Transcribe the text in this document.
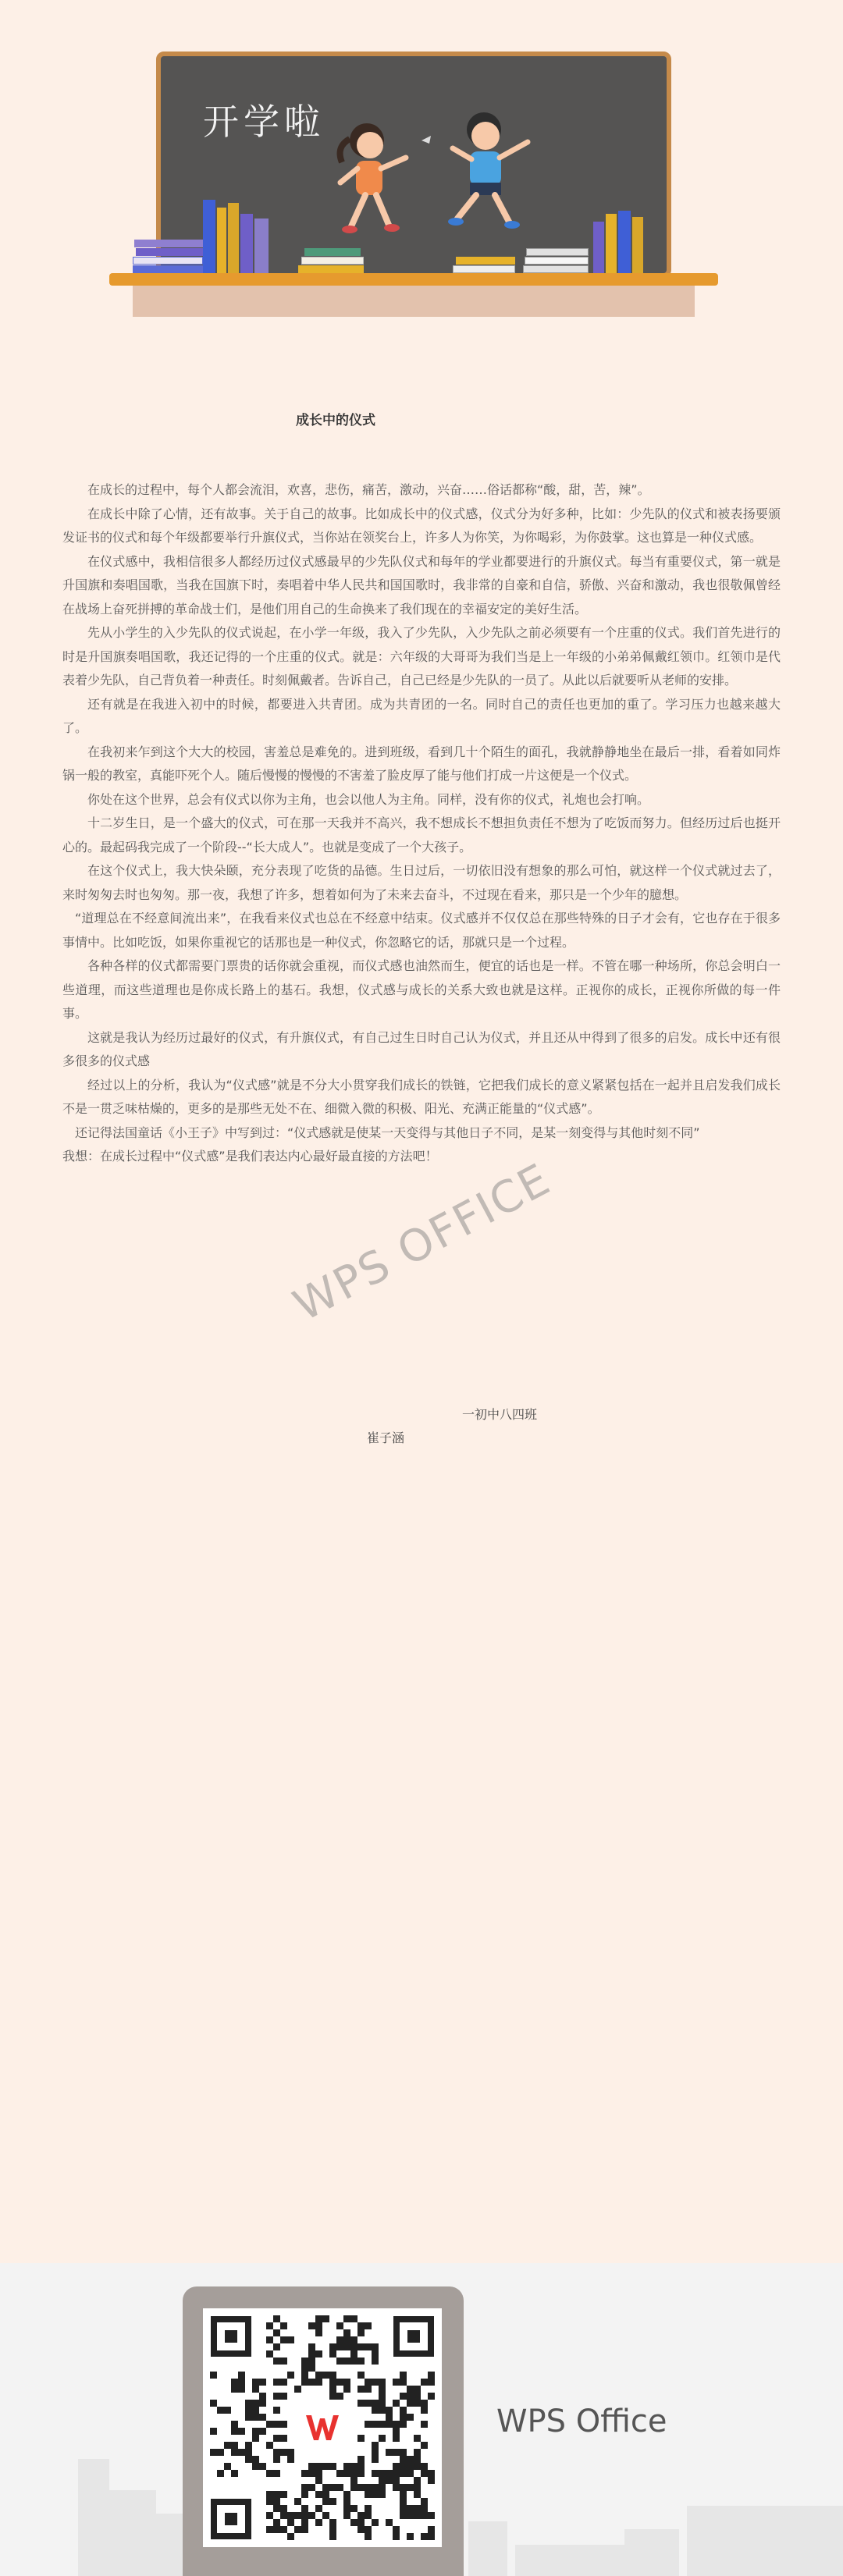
开学啦
成长中的仪式

在成长的过程中，每个人都会流泪，欢喜，悲伤，痛苦，激动，兴奋……俗话都称“酸，甜，苦，辣”。

在成长中除了心情，还有故事。关于自己的故事。比如成长中的仪式感，仪式分为好多种，比如：少先队的仪式和被表扬要颁发证书的仪式和每个年级都要举行升旗仪式，当你站在领奖台上，许多人为你笑，为你喝彩，为你鼓掌。这也算是一种仪式感。

在仪式感中，我相信很多人都经历过仪式感最早的少先队仪式和每年的学业都要进行的升旗仪式。每当有重要仪式，第一就是升国旗和奏唱国歌，当我在国旗下时，奏唱着中华人民共和国国歌时，我非常的自豪和自信，骄傲、兴奋和激动，我也很敬佩曾经在战场上奋死拼搏的革命战士们，是他们用自己的生命换来了我们现在的幸福安定的美好生活。

先从小学生的入少先队的仪式说起，在小学一年级，我入了少先队，入少先队之前必须要有一个庄重的仪式。我们首先进行的时是升国旗奏唱国歌，我还记得的一个庄重的仪式。就是：六年级的大哥哥为我们当是上一年级的小弟弟佩戴红领巾。红领巾是代表着少先队，自己背负着一种责任。时刻佩戴者。告诉自己，自己已经是少先队的一员了。从此以后就要听从老师的安排。

还有就是在我进入初中的时候，都要进入共青团。成为共青团的一名。同时自己的责任也更加的重了。学习压力也越来越大了。

在我初来乍到这个大大的校园，害羞总是难免的。进到班级，看到几十个陌生的面孔，我就静静地坐在最后一排，看着如同炸锅一般的教室，真能吓死个人。随后慢慢的慢慢的不害羞了脸皮厚了能与他们打成一片这便是一个仪式。

你处在这个世界，总会有仪式以你为主角，也会以他人为主角。同样，没有你的仪式，礼炮也会打响。

十二岁生日，是一个盛大的仪式，可在那一天我并不高兴，我不想成长不想担负责任不想为了吃饭而努力。但经历过后也挺开心的。最起码我完成了一个阶段--“长大成人”。也就是变成了一个大孩子。

在这个仪式上，我大快朵颐，充分表现了吃货的品德。生日过后，一切依旧没有想象的那么可怕，就这样一个仪式就过去了，来时匆匆去时也匆匆。那一夜，我想了许多，想着如何为了未来去奋斗，不过现在看来，那只是一个少年的臆想。

“道理总在不经意间流出来”，在我看来仪式也总在不经意中结束。仪式感并不仅仅总在那些特殊的日子才会有，它也存在于很多事情中。比如吃饭，如果你重视它的话那也是一种仪式，你忽略它的话，那就只是一个过程。

各种各样的仪式都需要门票贵的话你就会重视，而仪式感也油然而生，便宜的话也是一样。不管在哪一种场所，你总会明白一些道理，而这些道理也是你成长路上的基石。我想，仪式感与成长的关系大致也就是这样。正视你的成长，正视你所做的每一件事。

这就是我认为经历过最好的仪式，有升旗仪式，有自己过生日时自己认为仪式，并且还从中得到了很多的启发。成长中还有很多很多的仪式感

经过以上的分析，我认为“仪式感”就是不分大小贯穿我们成长的铁链，它把我们成长的意义紧紧包括在一起并且启发我们成长不是一贯乏味枯燥的，更多的是那些无处不在、细微入微的积极、阳光、充满正能量的“仪式感”。

还记得法国童话《小王子》中写到过：“仪式感就是使某一天变得与其他日子不同，是某一刻变得与其他时刻不同”

我想：在成长过程中“仪式感”是我们表达内心最好最直接的方法吧！

一初中八四班
崔子涵
WPS OFFICE
WPS Office
